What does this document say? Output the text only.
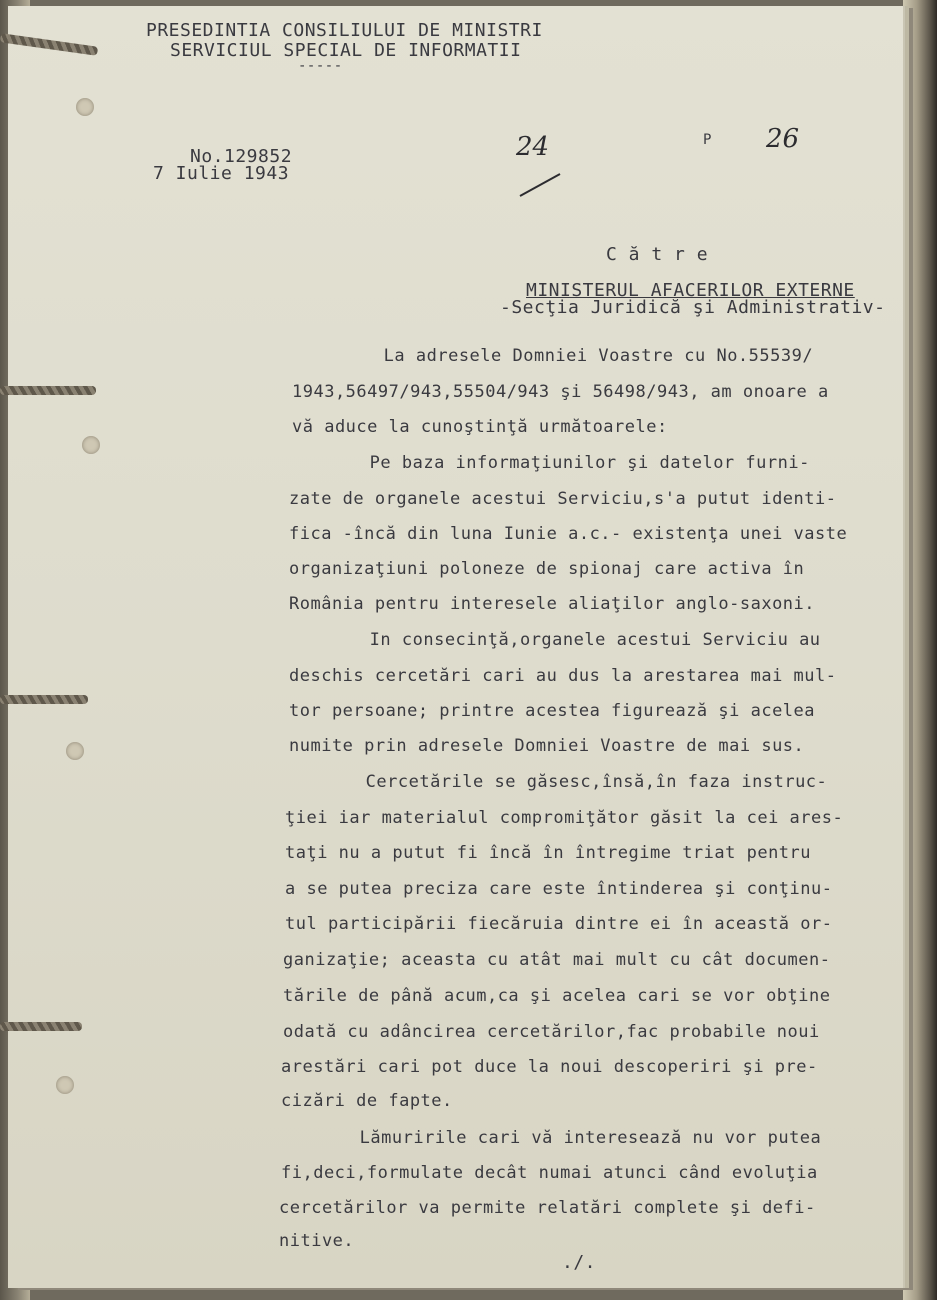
PRESEDINTIA CONSILIULUI DE MINISTRI
SERVICIUL SPECIAL DE INFORMATII
-----
No.129852
7 Iulie 1943
24	P 26
C ă t r e
MINISTERUL AFACERILOR EXTERNE
-Secţia Juridică şi Administrativ-
La adresele Domniei Voastre cu No.55539/
1943,56497/943,55504/943 şi 56498/943, am onoare a
vă aduce la cunoştinţă următoarele:
Pe baza informaţiunilor şi datelor furni-
zate de organele acestui Serviciu,s'a putut identi-
fica -încă din luna Iunie a.c.- existenţa unei vaste
organizaţiuni poloneze de spionaj care activa în
România pentru interesele aliaţilor anglo-saxoni.
In consecinţă,organele acestui Serviciu au
deschis cercetări cari au dus la arestarea mai mul-
tor persoane; printre acestea figurează şi acelea
numite prin adresele Domniei Voastre de mai sus.
Cercetările se găsesc,însă,în faza instruc-
ţiei iar materialul compromiţător găsit la cei ares-
taţi nu a putut fi încă în întregime triat pentru
a se putea preciza care este întinderea şi conţinu-
tul participării fiecăruia dintre ei în această or-
ganizaţie; aceasta cu atât mai mult cu cât documen-
tările de până acum,ca şi acelea cari se vor obţine
odată cu adâncirea cercetărilor,fac probabile noui
arestări cari pot duce la noui descoperiri şi pre-
cizări de fapte.
Lămuririle cari vă interesează nu vor putea
fi,deci,formulate decât numai atunci când evoluţia
cercetărilor va permite relatări complete şi defi-
nitive.
./.
